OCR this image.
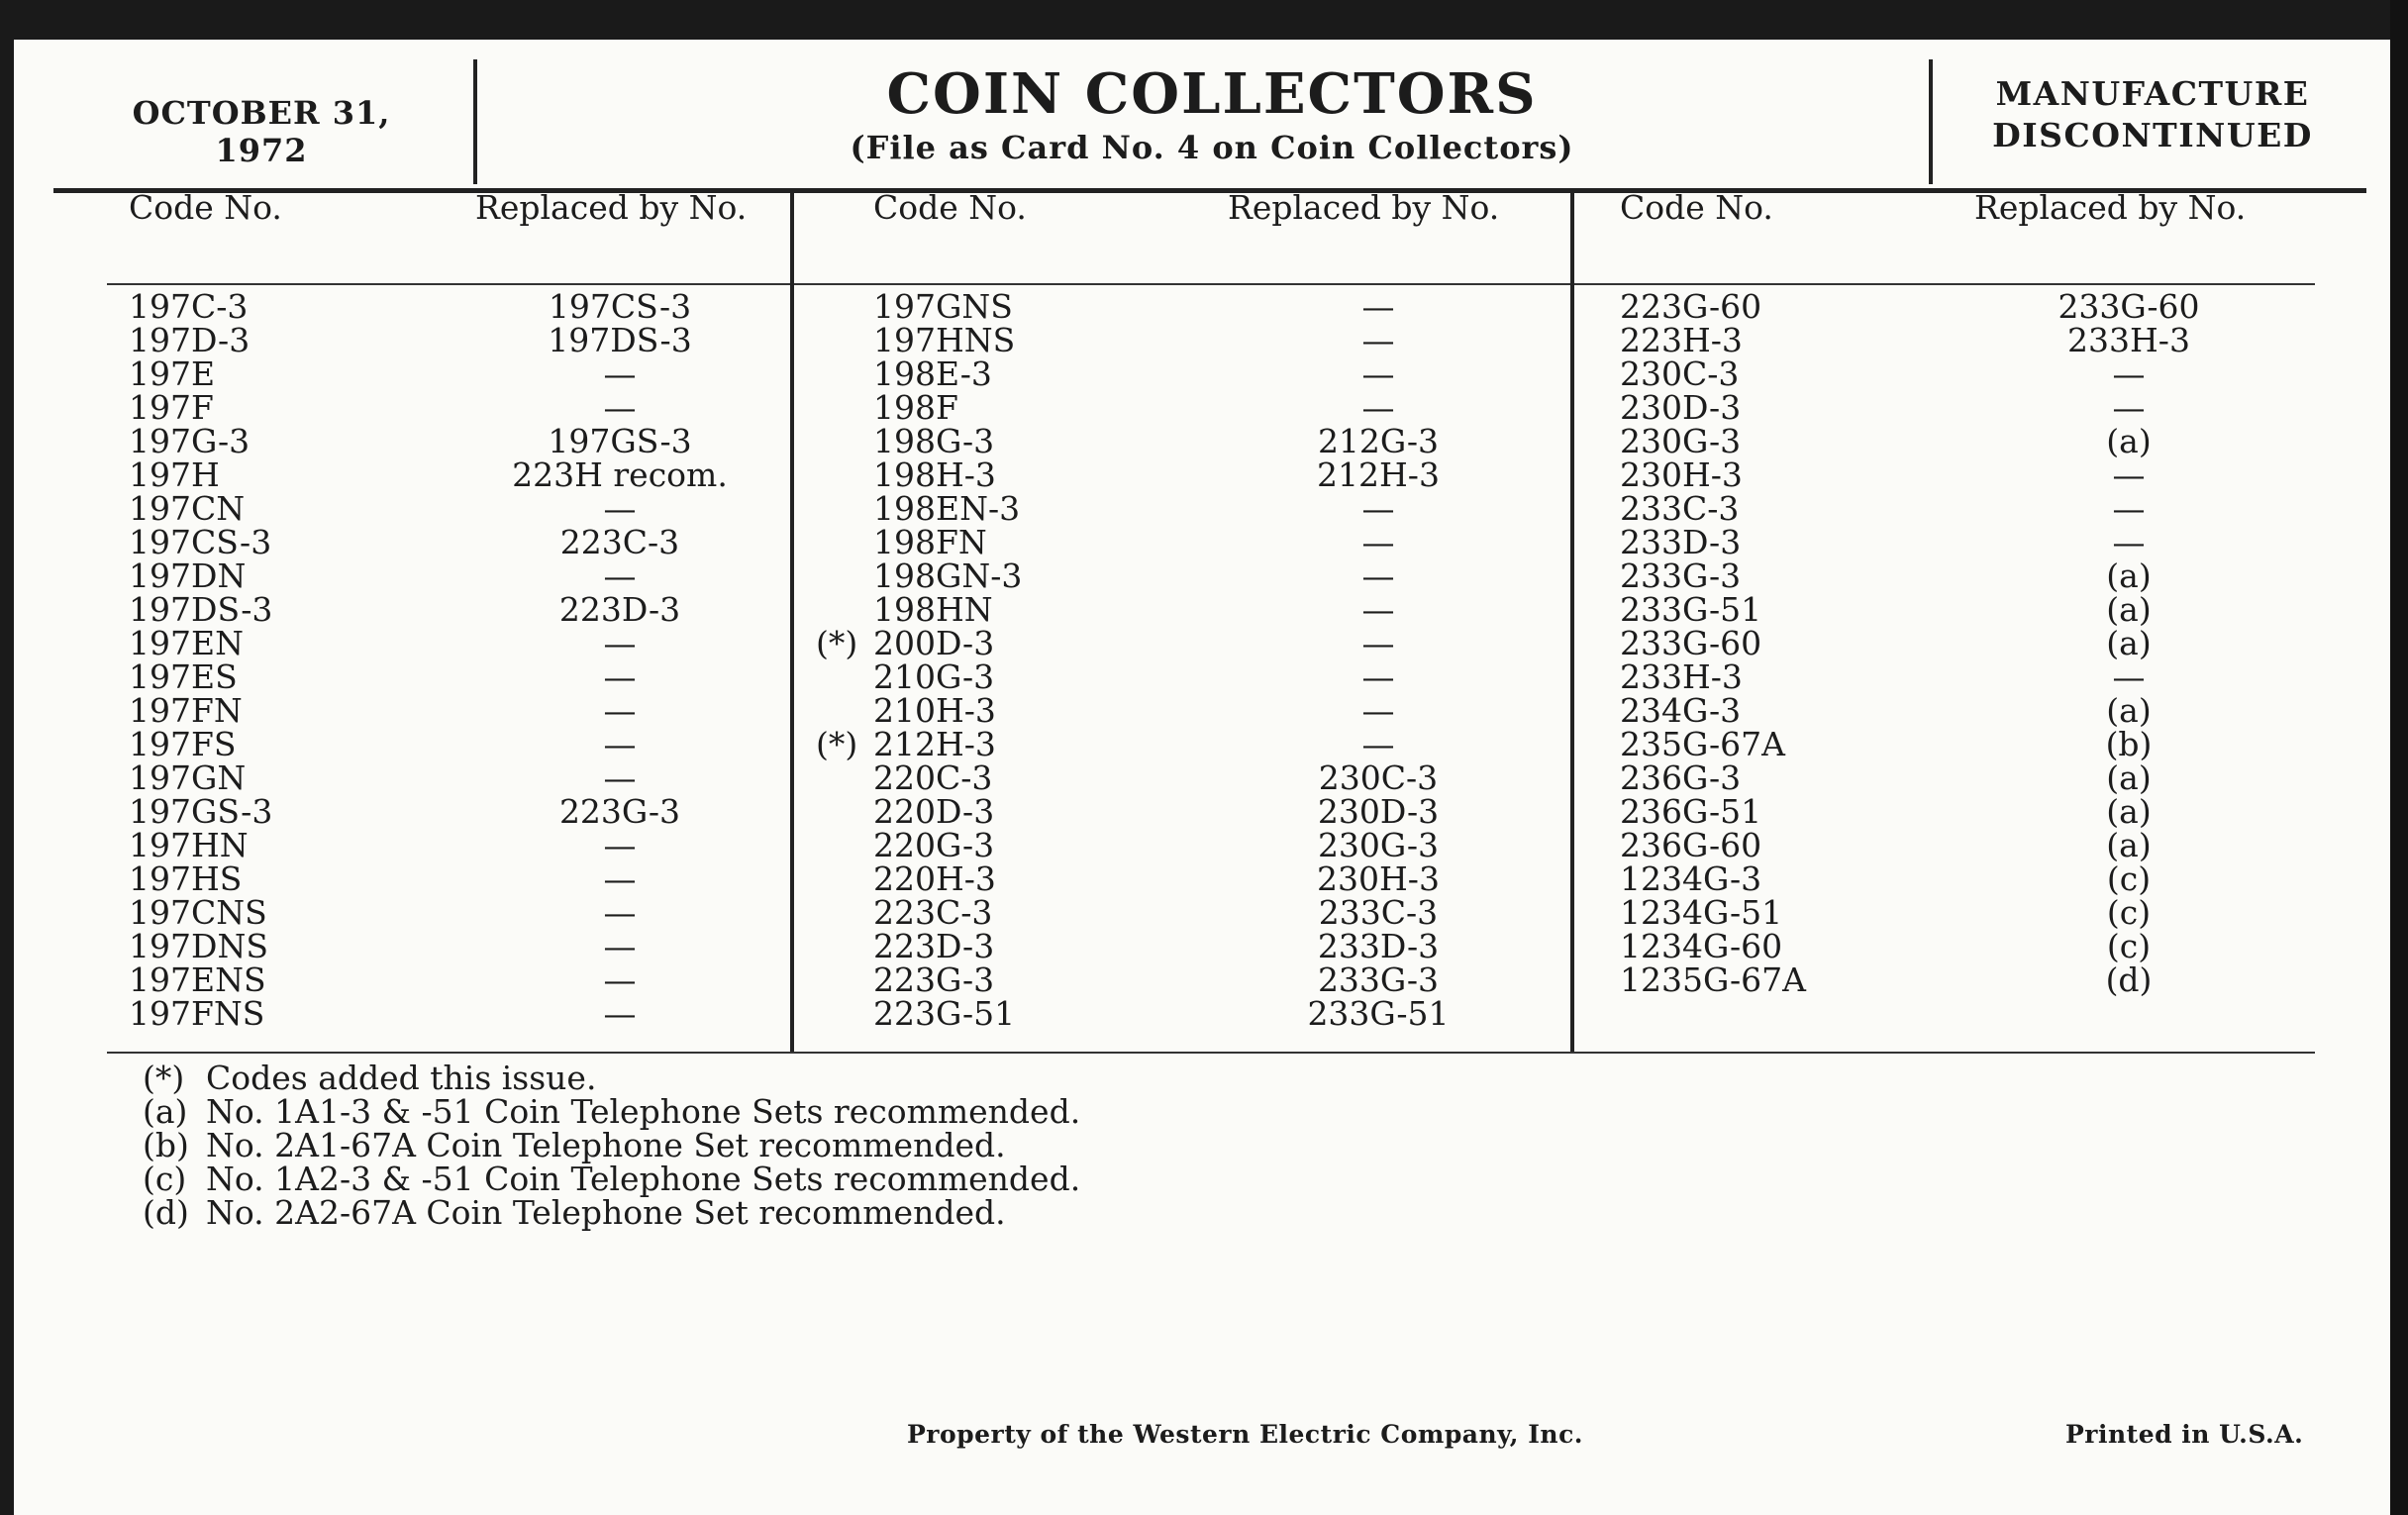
OCTOBER 31, 1972
COIN COLLECTORS
(File as Card No. 4 on Coin Collectors)
MANUFACTURE
DISCONTINUED
Code No.	Replaced by No.
197C-3	197CS-3
197D-3	197DS-3
197E	—
197F	—
197G-3	197GS-3
197H	223H recom.
197CN	—
197CS-3	223C-3
197DN	—
197DS-3	223D-3
197EN	—
197ES	—
197FN	—
197FS	—
197GN	—
197GS-3	223G-3
197HN	—
197HS	—
197CNS	—
197DNS	—
197ENS	—
197FNS	—
Code No.	Replaced by No.
197GNS	—
197HNS	—
198E-3	—
198F	—
198G-3	212G-3
198H-3	212H-3
198EN-3	—
198FN	—
198GN-3	—
198HN	—
(*) 200D-3	—
210G-3	—
210H-3	—
(*) 212H-3	—
220C-3	230C-3
220D-3	230D-3
220G-3	230G-3
220H-3	230H-3
223C-3	233C-3
223D-3	233D-3
223G-3	233G-3
223G-51	233G-51
Code No.	Replaced by No.
223G-60	233G-60
223H-3	233H-3
230C-3	—
230D-3	—
230G-3	(a)
230H-3	—
233C-3	—
233D-3	—
233G-3	(a)
233G-51	(a)
233G-60	(a)
233H-3	—
234G-3	(a)
235G-67A	(b)
236G-3	(a)
236G-51	(a)
236G-60	(a)
1234G-3	(c)
1234G-51	(c)
1234G-60	(c)
1235G-67A	(d)
(*) Codes added this issue.
(a) No. 1A1-3 & -51 Coin Telephone Sets recommended.
(b) No. 2A1-67A Coin Telephone Set recommended.
(c) No. 1A2-3 & -51 Coin Telephone Sets recommended.
(d) No. 2A2-67A Coin Telephone Set recommended.
Property of the Western Electric Company, Inc.	Printed in U.S.A.
